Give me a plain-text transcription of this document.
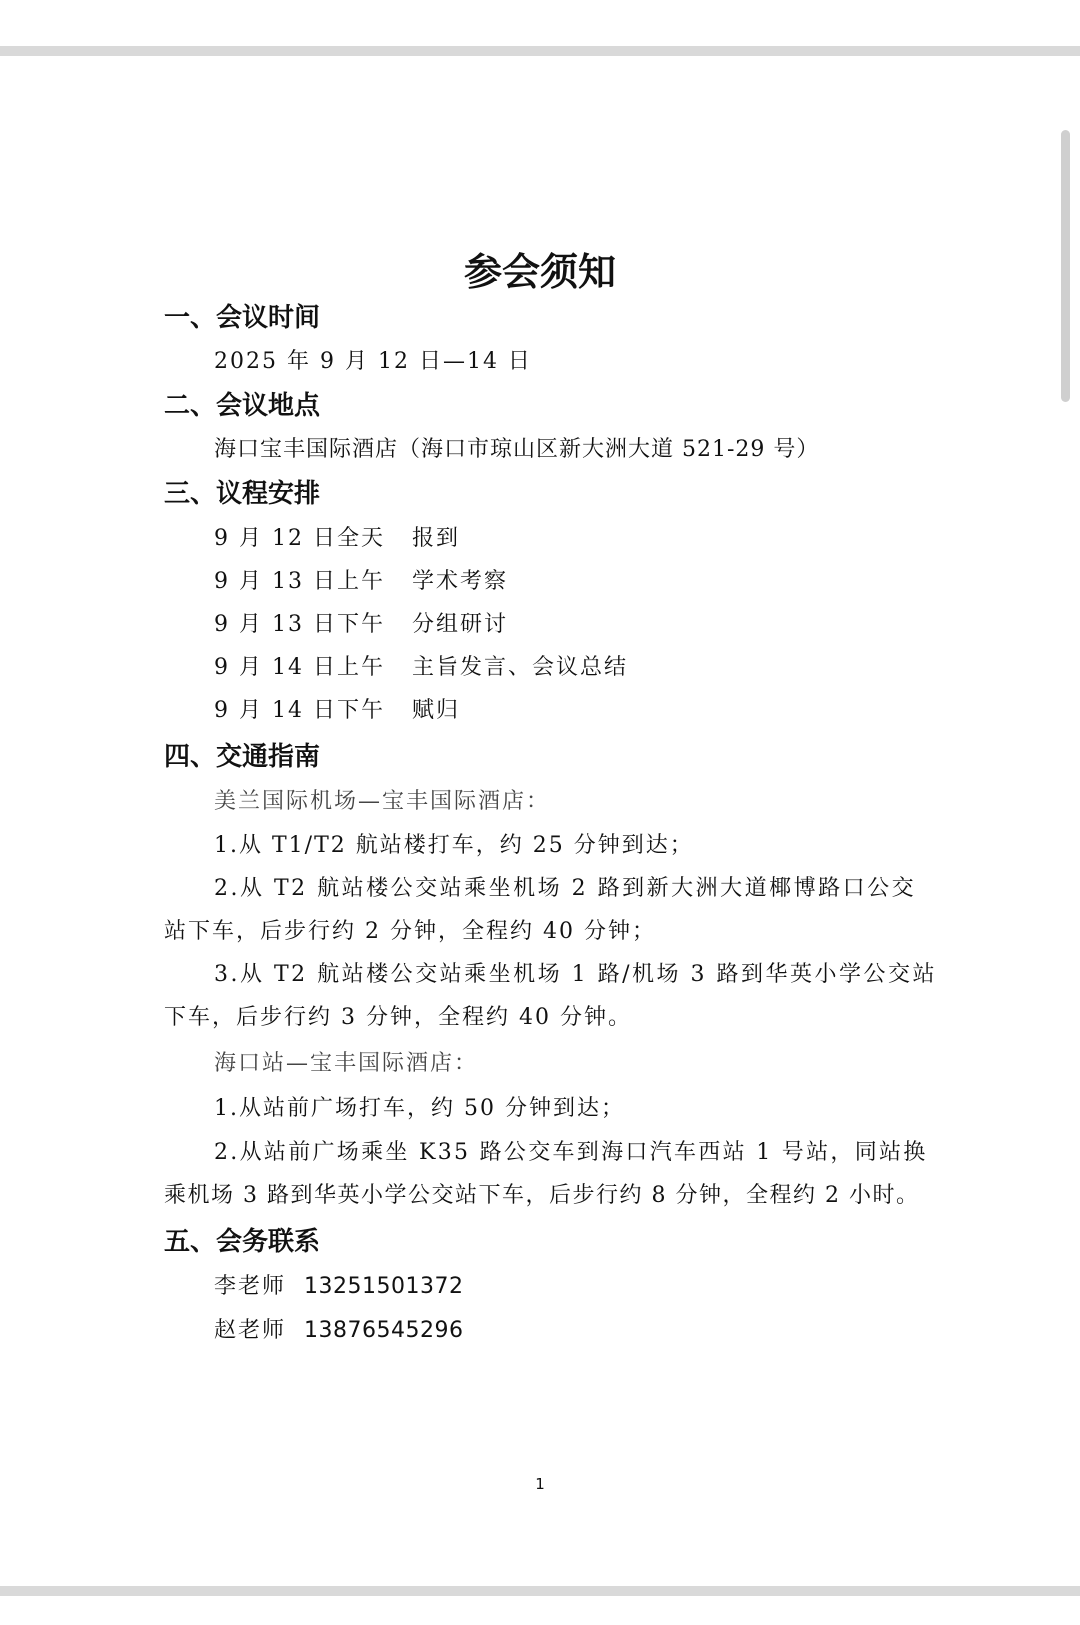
参会须知
一、会议时间
2025 年 9 月 12 日—14 日
二、会议地点
海口宝丰国际酒店（海口市琼山区新大洲大道 521-29 号）
三、议程安排
9 月 12 日全天 报到
9 月 13 日上午 学术考察
9 月 13 日下午 分组研讨
9 月 14 日上午 主旨发言、会议总结
9 月 14 日下午 赋归
四、交通指南
美兰国际机场—宝丰国际酒店：
1.从 T1/T2 航站楼打车，约 25 分钟到达；
2.从 T2 航站楼公交站乘坐机场 2 路到新大洲大道椰博路口公交
站下车，后步行约 2 分钟，全程约 40 分钟；
3.从 T2 航站楼公交站乘坐机场 1 路/机场 3 路到华英小学公交站
下车，后步行约 3 分钟，全程约 40 分钟。
海口站—宝丰国际酒店：
1.从站前广场打车，约 50 分钟到达；
2.从站前广场乘坐 K35 路公交车到海口汽车西站 1 号站，同站换
乘机场 3 路到华英小学公交站下车，后步行约 8 分钟，全程约 2 小时。
五、会务联系
李老师 13251501372
赵老师 13876545296
1
